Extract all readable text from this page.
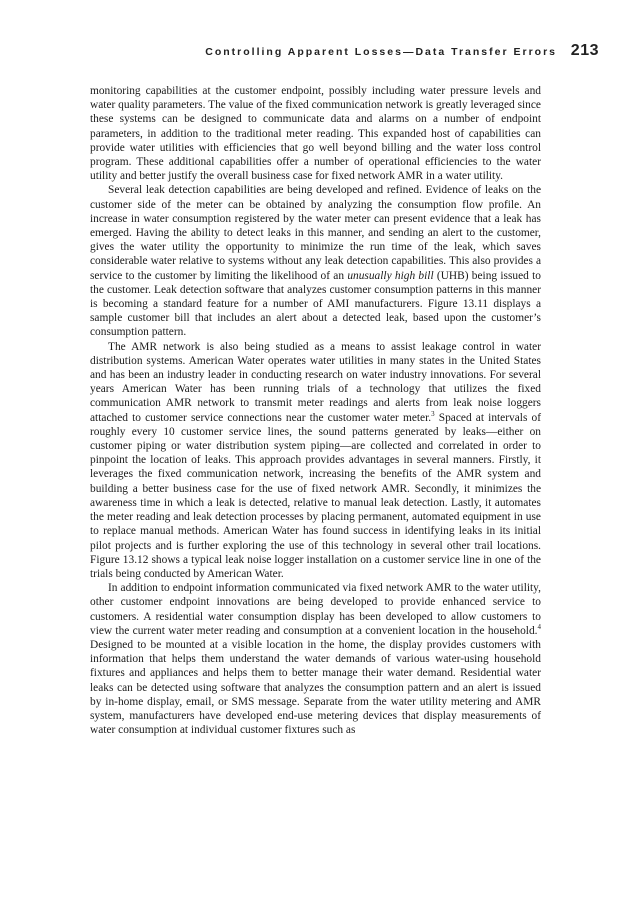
Controlling Apparent Losses—Data Transfer Errors 213

monitoring capabilities at the customer endpoint, possibly including water pressure levels and water quality parameters. The value of the fixed communication network is greatly leveraged since these systems can be designed to communicate data and alarms on a number of endpoint parameters, in addition to the traditional meter reading. This expanded host of capabilities can provide water utilities with efficiencies that go well beyond billing and the water loss control program. These additional capabilities offer a number of operational efficiencies to the water utility and better justify the overall business case for fixed network AMR in a water utility.

Several leak detection capabilities are being developed and refined. Evidence of leaks on the customer side of the meter can be obtained by analyzing the consumption flow profile. An increase in water consumption registered by the water meter can present evidence that a leak has emerged. Having the ability to detect leaks in this manner, and sending an alert to the customer, gives the water utility the opportunity to minimize the run time of the leak, which saves considerable water relative to systems without any leak detection capabilities. This also provides a service to the customer by limiting the likelihood of an unusually high bill (UHB) being issued to the customer. Leak detection software that analyzes customer consumption patterns in this manner is becoming a standard feature for a number of AMI manufacturers. Figure 13.11 displays a sample customer bill that includes an alert about a detected leak, based upon the customer’s consumption pattern.

The AMR network is also being studied as a means to assist leakage control in water distribution systems. American Water operates water utilities in many states in the United States and has been an industry leader in conducting research on water industry innovations. For several years American Water has been running trials of a technology that utilizes the fixed communication AMR network to transmit meter readings and alerts from leak noise loggers attached to customer service connections near the customer water meter.$^3$ Spaced at intervals of roughly every 10 customer service lines, the sound patterns generated by leaks—either on customer piping or water distribution system piping—are collected and correlated in order to pinpoint the location of leaks. This approach provides advantages in several manners. Firstly, it leverages the fixed communication network, increasing the benefits of the AMR system and building a better business case for the use of fixed network AMR. Secondly, it minimizes the awareness time in which a leak is detected, relative to manual leak detection. Lastly, it automates the meter reading and leak detection processes by placing permanent, automated equipment in use to replace manual methods. American Water has found success in identifying leaks in its initial pilot projects and is further exploring the use of this technology in several other trail locations. Figure 13.12 shows a typical leak noise logger installation on a customer service line in one of the trials being conducted by American Water.

In addition to endpoint information communicated via fixed network AMR to the water utility, other customer endpoint innovations are being developed to provide enhanced service to customers. A residential water consumption display has been developed to allow customers to view the current water meter reading and consumption at a convenient location in the household.$^4$ Designed to be mounted at a visible location in the home, the display provides customers with information that helps them understand the water demands of various water-using household fixtures and appliances and helps them to better manage their water demand. Residential water leaks can be detected using software that analyzes the consumption pattern and an alert is issued by in-home display, email, or SMS message. Separate from the water utility metering and AMR system, manufacturers have developed end-use metering devices that display measurements of water consumption at individual customer fixtures such as
